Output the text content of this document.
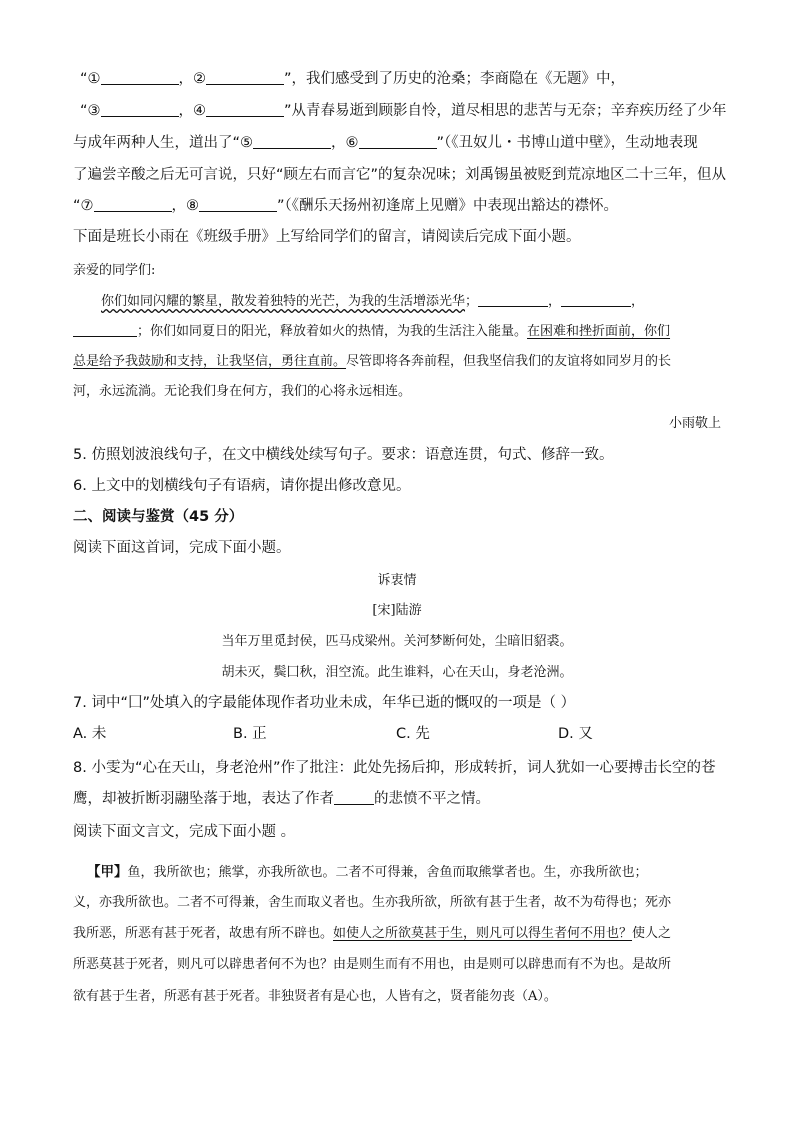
“①	，②	”，我们感受到了历史的沧桑；李商隐在《无题》中，
“③	，④	”从青春易逝到顾影自怜，道尽相思的悲苦与无奈；辛弃疾历经了少年
与成年两种人生，道出了“⑤	，⑥	”（《丑奴儿・书博山道中壁》，生动地表现
了遍尝辛酸之后无可言说，只好“顾左右而言它”的复杂况味；刘禹锡虽被贬到荒凉地区二十三年，但从
“⑦	，⑧	”（《酬乐天扬州初逢席上见赠》中表现出豁达的襟怀。
下面是班长小雨在《班级手册》上写给同学们的留言，请阅读后完成下面小题。
亲爱的同学们:
你们如同闪耀的繁星，散发着独特的光芒，为我的生活增添光华；	，	，
；你们如同夏日的阳光，释放着如火的热情，为我的生活注入能量。在困难和挫折面前，你们
总是给予我鼓励和支持，让我坚信，勇往直前。尽管即将各奔前程，但我坚信我们的友谊将如同岁月的长
河，永远流淌。无论我们身在何方，我们的心将永远相连。
小雨敬上
5. 仿照划波浪线句子，在文中横线处续写句子。要求：语意连贯，句式、修辞一致。
6. 上文中的划横线句子有语病，请你提出修改意见。
二、阅读与鉴赏（45 分）
阅读下面这首词，完成下面小题。
诉衷情
[宋]陆游
当年万里觅封侯，匹马戍梁州。关河梦断何处，尘暗旧貂裘。
胡未灭，鬓囗秋，泪空流。此生谁料，心在天山，身老沧洲。
7. 词中“囗”处填入的字最能体现作者功业未成，年华已逝的慨叹的一项是（ ）
A. 未	B. 正	C. 先	D. 又
8. 小雯为“心在天山，身老沧州”作了批注：此处先扬后抑，形成转折，词人犹如一心要搏击长空的苍
鹰，却被折断羽翮坠落于地，表达了作者	的悲愤不平之情。
阅读下面文言文，完成下面小题 。
【甲】鱼，我所欲也；熊掌，亦我所欲也。二者不可得兼，舍鱼而取熊掌者也。生，亦我所欲也；
义，亦我所欲也。二者不可得兼，舍生而取义者也。生亦我所欲，所欲有甚于生者，故不为苟得也；死亦
我所恶，所恶有甚于死者，故患有所不辟也。如使人之所欲莫甚于生，则凡可以得生者何不用也？使人之
所恶莫甚于死者，则凡可以辟患者何不为也？由是则生而有不用也，由是则可以辟患而有不为也。是故所
欲有甚于生者，所恶有甚于死者。非独贤者有是心也，人皆有之，贤者能勿丧（A）。
